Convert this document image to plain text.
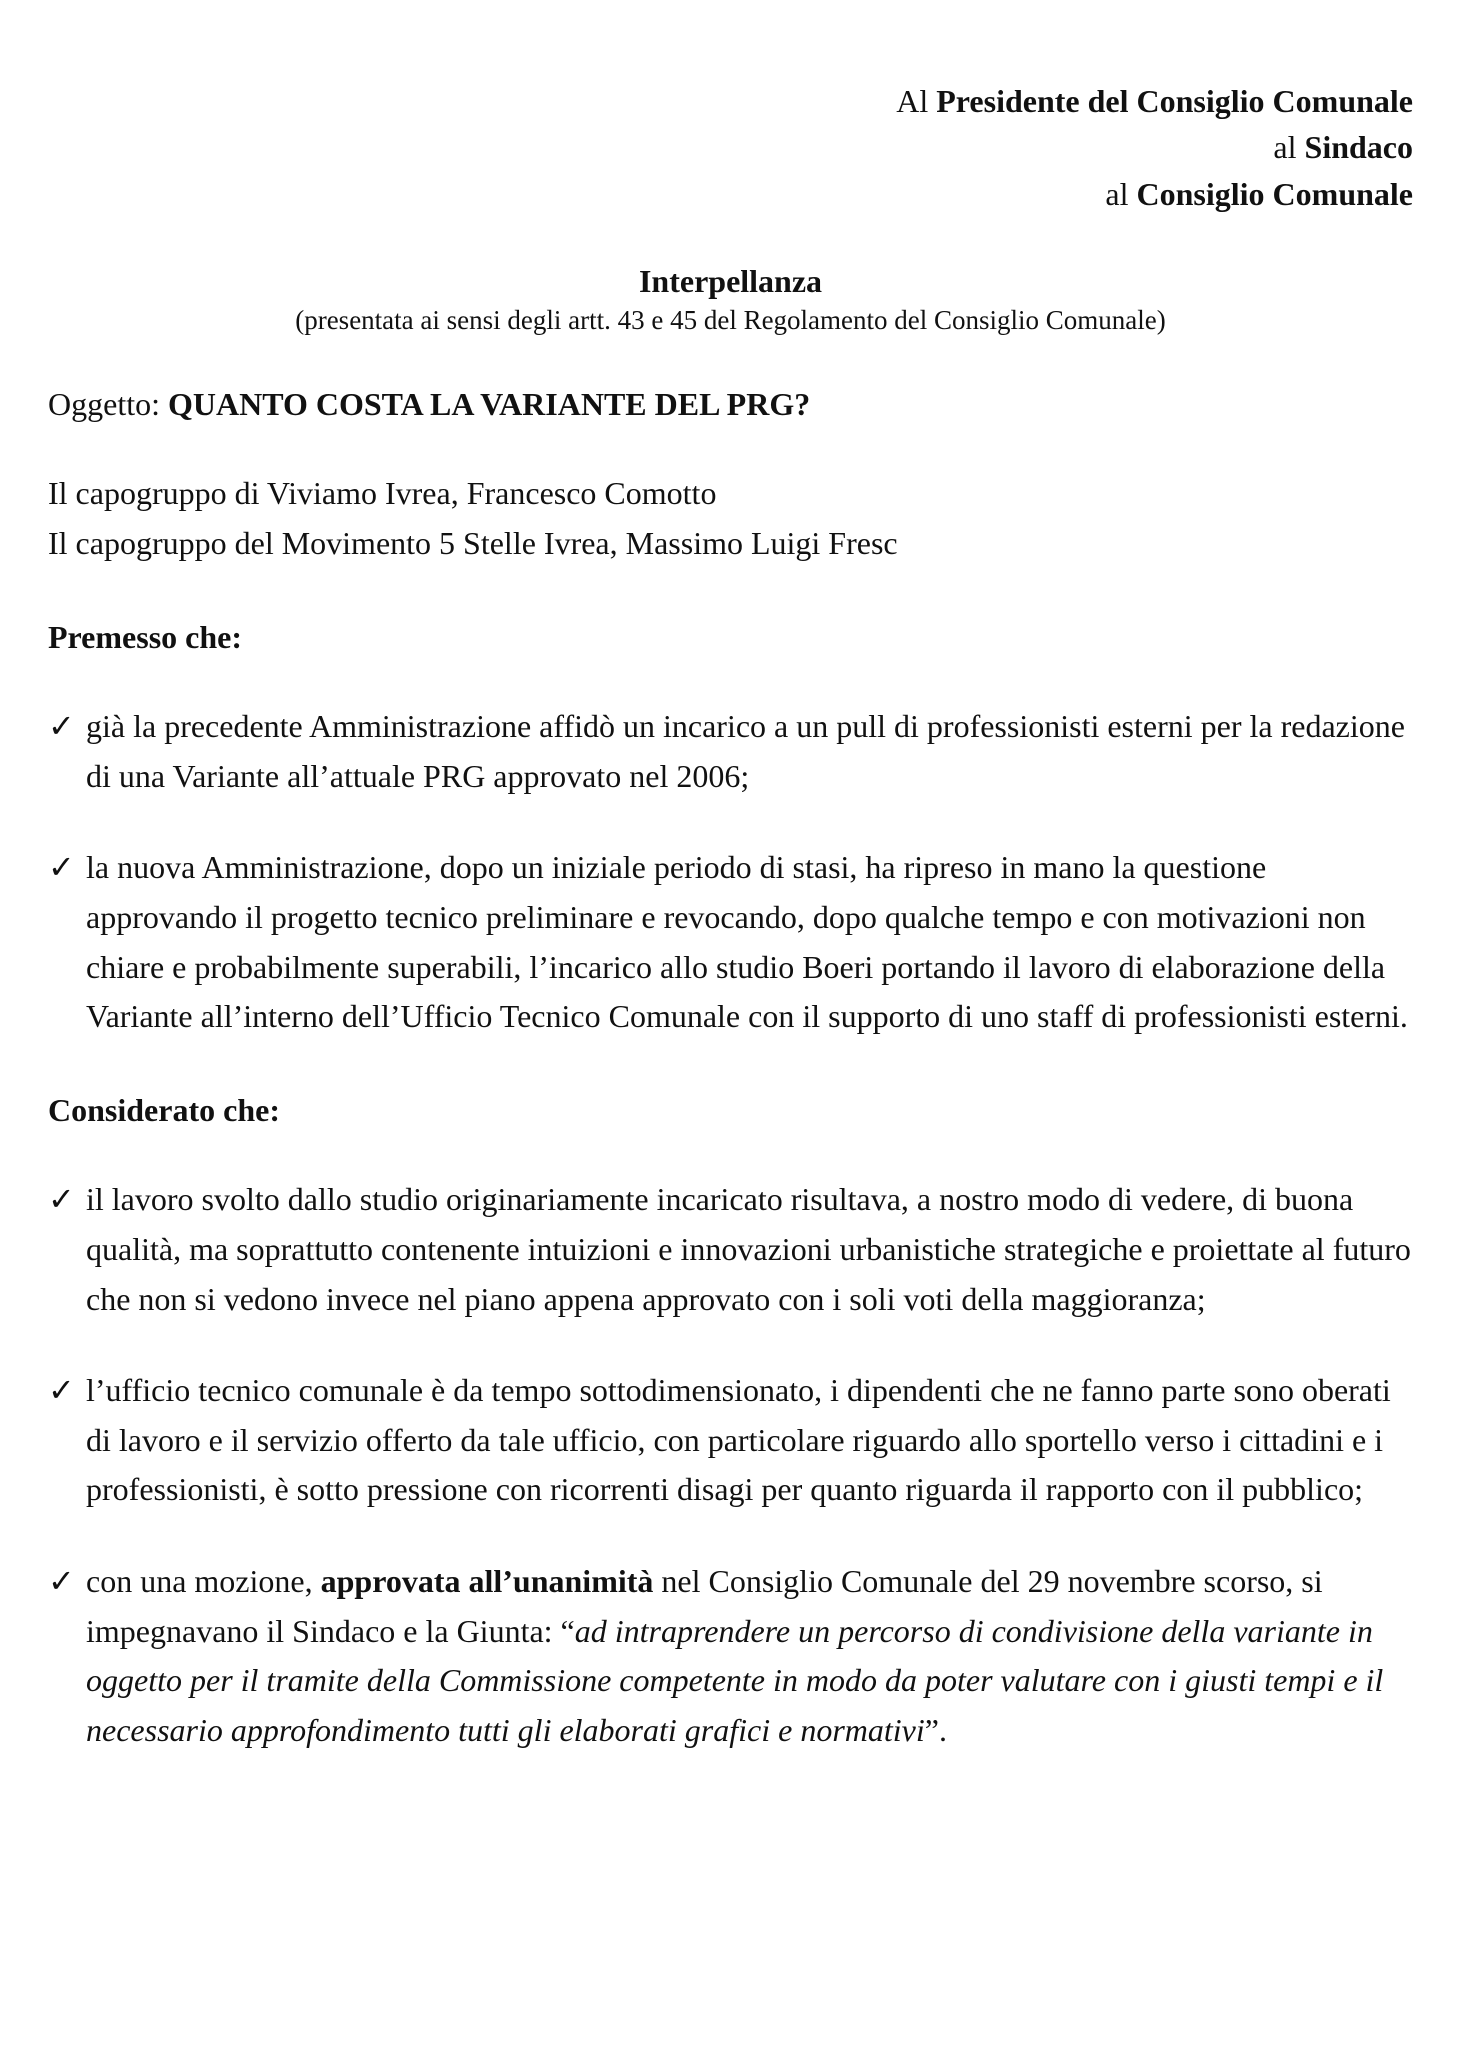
Al Presidente del Consiglio Comunale
al Sindaco
al Consiglio Comunale
Interpellanza
(presentata ai sensi degli artt. 43 e 45 del Regolamento del Consiglio Comunale)
Oggetto: QUANTO COSTA LA VARIANTE DEL PRG?
Il capogruppo di Viviamo Ivrea, Francesco Comotto
Il capogruppo del Movimento 5 Stelle Ivrea, Massimo Luigi Fresc
Premesso che:
✓ già la precedente Amministrazione affidò un incarico a un pull di professionisti esterni per la redazione di una Variante all’attuale PRG approvato nel 2006;
✓ la nuova Amministrazione, dopo un iniziale periodo di stasi, ha ripreso in mano la questione approvando il progetto tecnico preliminare e revocando, dopo qualche tempo e con motivazioni non chiare e probabilmente superabili, l’incarico allo studio Boeri portando il lavoro di elaborazione della Variante all’interno dell’Ufficio Tecnico Comunale con il supporto di uno staff di professionisti esterni.
Considerato che:
✓ il lavoro svolto dallo studio originariamente incaricato risultava, a nostro modo di vedere, di buona qualità, ma soprattutto contenente intuizioni e innovazioni urbanistiche strategiche e proiettate al futuro che non si vedono invece nel piano appena approvato con i soli voti della maggioranza;
✓ l’ufficio tecnico comunale è da tempo sottodimensionato, i dipendenti che ne fanno parte sono oberati di lavoro e il servizio offerto da tale ufficio, con particolare riguardo allo sportello verso i cittadini e i professionisti, è sotto pressione con ricorrenti disagi per quanto riguarda il rapporto con il pubblico;
✓ con una mozione, approvata all’unanimità nel Consiglio Comunale del 29 novembre scorso, si impegnavano il Sindaco e la Giunta: “ad intraprendere un percorso di condivisione della variante in oggetto per il tramite della Commissione competente in modo da poter valutare con i giusti tempi e il necessario approfondimento tutti gli elaborati grafici e normativi”.
